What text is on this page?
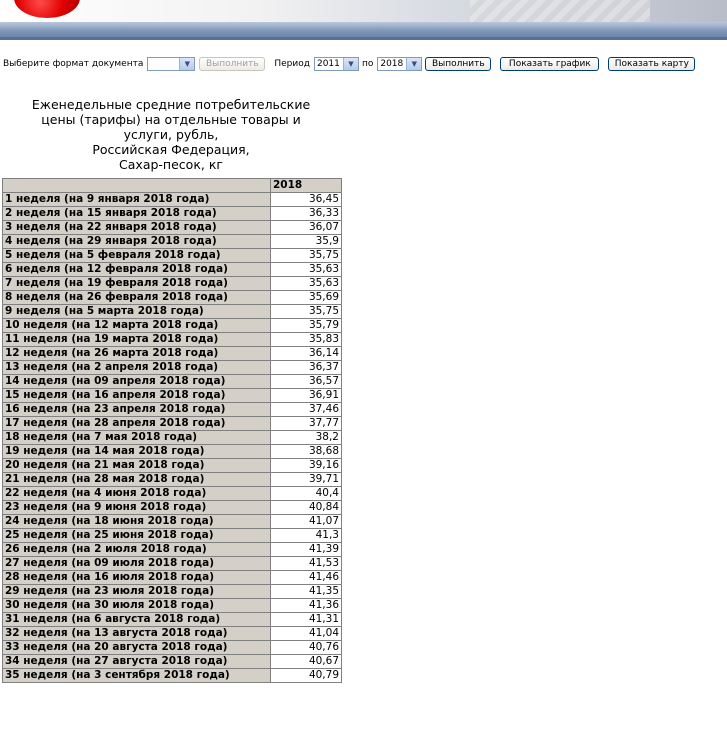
Выберите формат документа	▼	Выполнить	Период 2011	▼ по 2018	▼	Выполнить	Показать график	Показать карту
Еженедельные средние потребительские
цены (тарифы) на отдельные товары и
услуги, рубль,
Российская Федерация,
Сахар-песок, кг
	2018
1 неделя (на 9 января 2018 года)	36,45
2 неделя (на 15 января 2018 года)	36,33
3 неделя (на 22 января 2018 года)	36,07
4 неделя (на 29 января 2018 года)	35,9
5 неделя (на 5 февраля 2018 года)	35,75
6 неделя (на 12 февраля 2018 года)	35,63
7 неделя (на 19 февраля 2018 года)	35,63
8 неделя (на 26 февраля 2018 года)	35,69
9 неделя (на 5 марта 2018 года)	35,75
10 неделя (на 12 марта 2018 года)	35,79
11 неделя (на 19 марта 2018 года)	35,83
12 неделя (на 26 марта 2018 года)	36,14
13 неделя (на 2 апреля 2018 года)	36,37
14 неделя (на 09 апреля 2018 года)	36,57
15 неделя (на 16 апреля 2018 года)	36,91
16 неделя (на 23 апреля 2018 года)	37,46
17 неделя (на 28 апреля 2018 года)	37,77
18 неделя (на 7 мая 2018 года)	38,2
19 неделя (на 14 мая 2018 года)	38,68
20 неделя (на 21 мая 2018 года)	39,16
21 неделя (на 28 мая 2018 года)	39,71
22 неделя (на 4 июня 2018 года)	40,4
23 неделя (на 9 июня 2018 года)	40,84
24 неделя (на 18 июня 2018 года)	41,07
25 неделя (на 25 июня 2018 года)	41,3
26 неделя (на 2 июля 2018 года)	41,39
27 неделя (на 09 июля 2018 года)	41,53
28 неделя (на 16 июля 2018 года)	41,46
29 неделя (на 23 июля 2018 года)	41,35
30 неделя (на 30 июля 2018 года)	41,36
31 неделя (на 6 августа 2018 года)	41,31
32 неделя (на 13 августа 2018 года)	41,04
33 неделя (на 20 августа 2018 года)	40,76
34 неделя (на 27 августа 2018 года)	40,67
35 неделя (на 3 сентября 2018 года)	40,79
